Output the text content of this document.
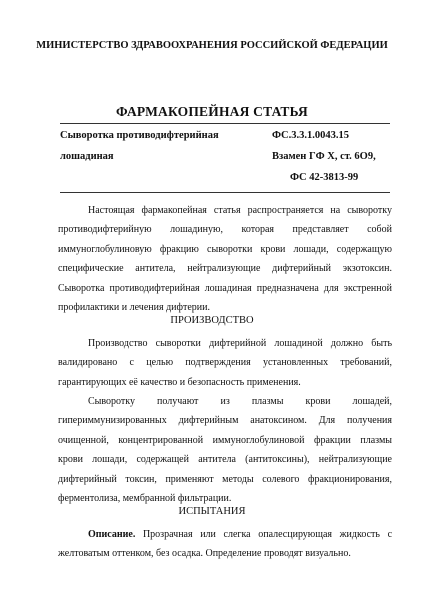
МИНИСТЕРСТВО ЗДРАВООХРАНЕНИЯ РОССИЙСКОЙ ФЕДЕРАЦИИ
ФАРМАКОПЕЙНАЯ СТАТЬЯ
Сыворотка противодифтерийная
лошадиная
ФС.3.3.1.0043.15
Взамен ГФ X, ст. 6О9,
ФС 42-3813-99
Настоящая фармакопейная статья распространяется на сыворотку
противодифтерийную лошадиную, которая представляет собой
иммуноглобулиновую фракцию сыворотки крови лошади, содержащую
специфические антитела, нейтрализующие дифтерийный экзотоксин.
Сыворотка противодифтерийная лошадиная предназначена для экстренной
профилактики и лечения дифтерии.
ПРОИЗВОДСТВО
Производство сыворотки дифтерийной лошадиной должно быть
валидировано с целью подтверждения установленных требований,
гарантирующих её качество и безопасность применения.
Сыворотку получают из плазмы крови лошадей,
гипериммунизированных дифтерийным анатоксином. Для получения
очищенной, концентрированной иммуноглобулиновой фракции плазмы
крови лошади, содержащей антитела (антитоксины), нейтрализующие
дифтерийный токсин, применяют методы солевого фракционирования,
ферментолиза, мембранной фильтрации.
ИСПЫТАНИЯ
Описание. Прозрачная или слегка опалесцирующая жидкость с
желтоватым оттенком, без осадка. Определение проводят визуально.
